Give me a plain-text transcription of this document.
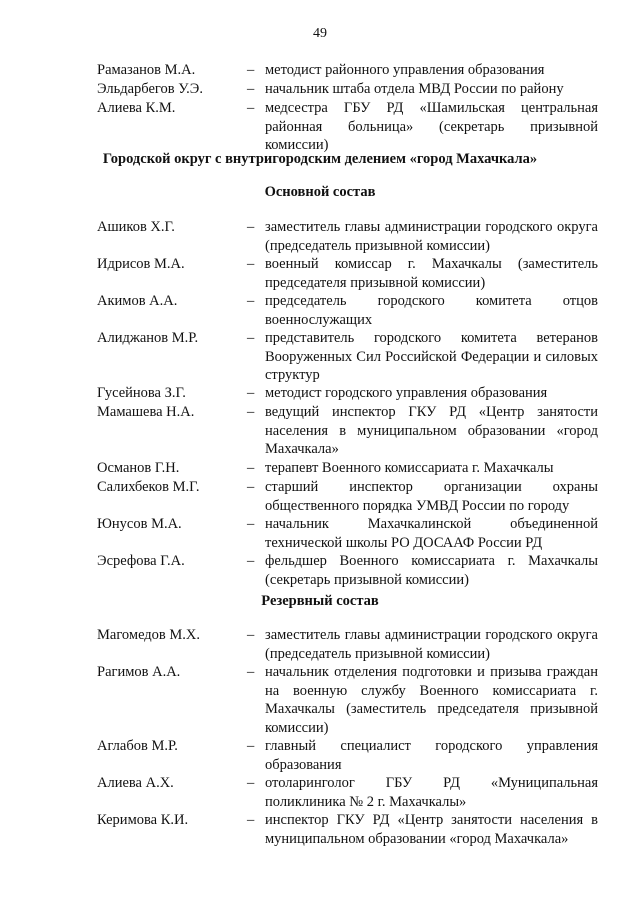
49
Рамазанов М.А.	– методист районного управления образования
Эльдарбегов У.Э.	– начальник штаба отдела МВД России по району
Алиева К.М.	– медсестра ГБУ РД «Шамильская центральная районная больница» (секретарь призывной комиссии)
Городской округ с внутригородским делением «город Махачкала»
Основной состав
Ашиков Х.Г.	– заместитель главы администрации городского округа (председатель призывной комиссии)
Идрисов М.А.	– военный комиссар г. Махачкалы (заместитель председателя призывной комиссии)
Акимов А.А.	– председатель городского комитета отцов военнослужащих
Алиджанов М.Р.	– представитель городского комитета ветеранов Вооруженных Сил Российской Федерации и силовых структур
Гусейнова З.Г.	– методист городского управления образования
Мамашева Н.А.	– ведущий инспектор ГКУ РД «Центр занятости населения в муниципальном образовании «город Махачкала»
Османов Г.Н.	– терапевт Военного комиссариата г. Махачкалы
Салихбеков М.Г.	– старший инспектор организации охраны общественного порядка УМВД России по городу
Юнусов М.А.	– начальник Махачкалинской объединенной технической школы РО ДОСААФ России РД
Эсрефова Г.А.	– фельдшер Военного комиссариата г. Махачкалы (секретарь призывной комиссии)
Резервный состав
Магомедов М.Х.	– заместитель главы администрации городского округа (председатель призывной комиссии)
Рагимов А.А.	– начальник отделения подготовки и призыва граждан на военную службу Военного комиссариата г. Махачкалы (заместитель председателя призывной комиссии)
Аглабов М.Р.	– главный специалист городского управления образования
Алиева А.Х.	– отоларинголог ГБУ РД «Муниципальная поликлиника № 2 г. Махачкалы»
Керимова К.И.	– инспектор ГКУ РД «Центр занятости населения в муниципальном образовании «город Махачкала»
